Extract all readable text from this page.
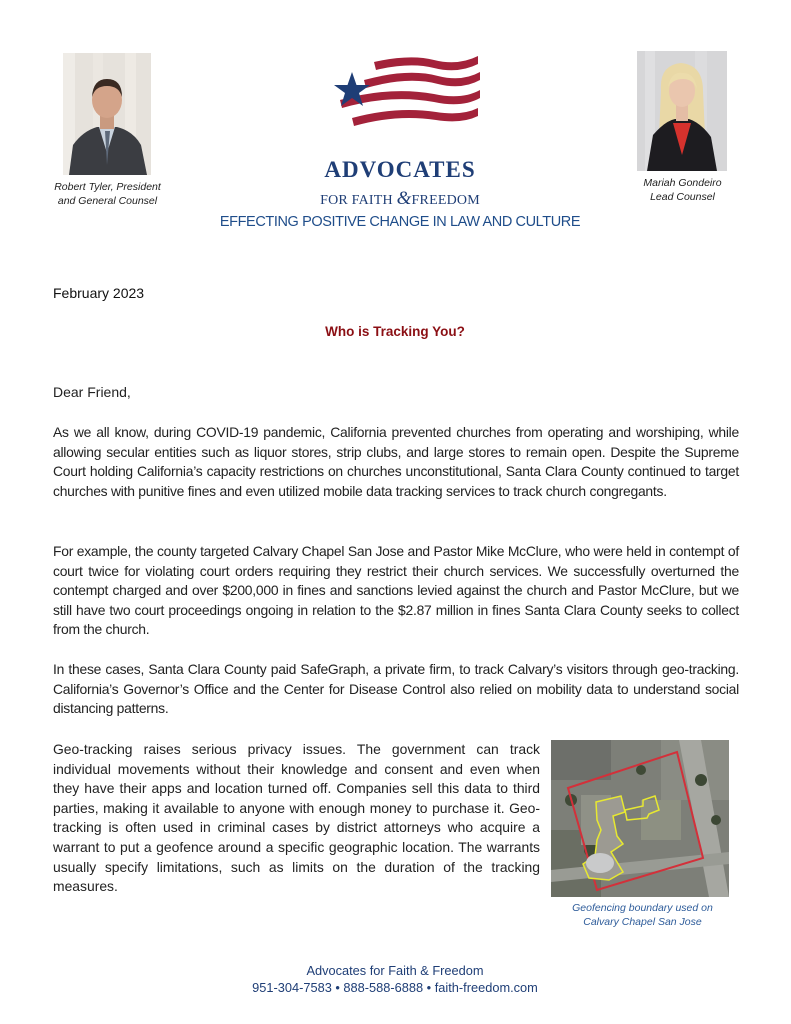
Robert Tyler, President
and General Counsel
ADVOCATES
FOR FAITH &FREEDOM
EFFECTING POSITIVE CHANGE IN LAW AND CULTURE
Mariah Gondeiro
Lead Counsel
February 2023
Who is Tracking You?
Dear Friend,

As we all know, during COVID-19 pandemic, California prevented churches from operating and worshiping, while allowing secular entities such as liquor stores, strip clubs, and large stores to remain open. Despite the Supreme Court holding California’s capacity restrictions on churches unconstitutional, Santa Clara County continued to target churches with punitive fines and even utilized mobile data tracking services to track church congregants.

For example, the county targeted Calvary Chapel San Jose and Pastor Mike McClure, who were held in contempt of court twice for violating court orders requiring they restrict their church services. We successfully overturned the contempt charged and over $200,000 in fines and sanctions levied against the church and Pastor McClure, but we still have two court proceedings ongoing in relation to the $2.87 million in fines Santa Clara County seeks to collect from the church.

In these cases, Santa Clara County paid SafeGraph, a private firm, to track Calvary’s visitors through geo-tracking. California’s Governor’s Office and the Center for Disease Control also relied on mobility data to understand social distancing patterns.

Geo-tracking raises serious privacy issues. The government can track individual movements without their knowledge and consent and even when they have their apps and location turned off. Companies sell this data to third parties, making it available to anyone with enough money to purchase it. Geo-tracking is often used in criminal cases by district attorneys who acquire a warrant to put a geofence around a specific geographic location. The warrants usually specify limitations, such as limits on the duration of the tracking measures.

Geofencing boundary used on
Calvary Chapel San Jose
Advocates for Faith & Freedom
951-304-7583 • 888-588-6888 • faith-freedom.com
